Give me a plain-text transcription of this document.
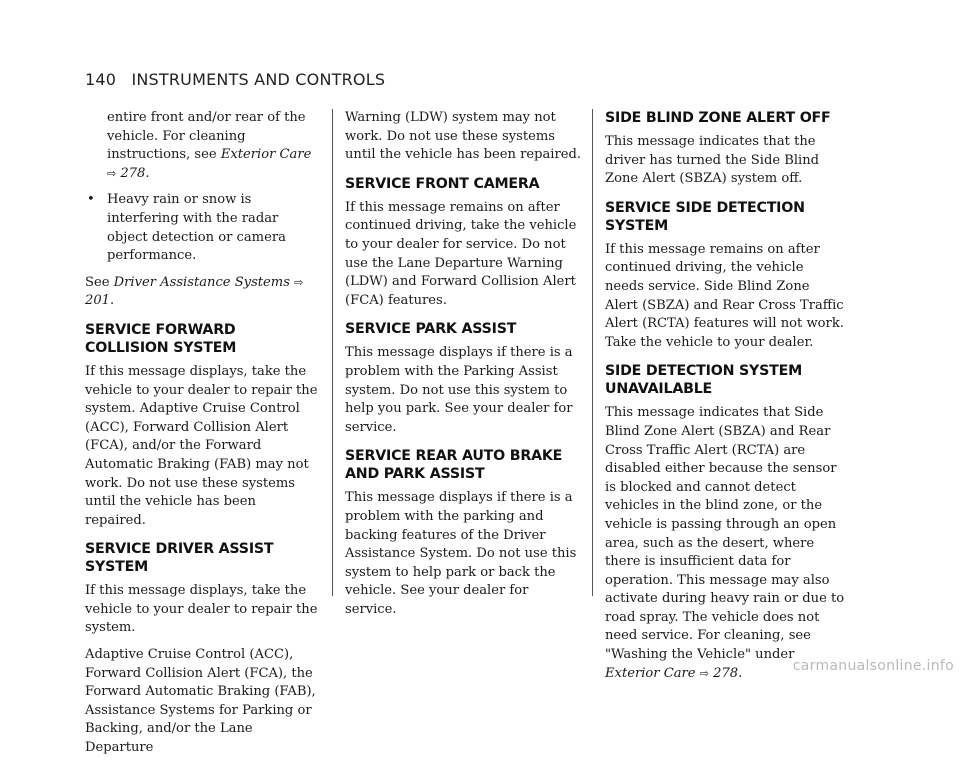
140 INSTRUMENTS AND CONTROLS

entire front and/or rear of the vehicle. For cleaning instructions, see Exterior Care ⇨ 278.

• Heavy rain or snow is interfering with the radar object detection or camera performance.

See Driver Assistance Systems ⇨ 201.

SERVICE FORWARD COLLISION SYSTEM

If this message displays, take the vehicle to your dealer to repair the system. Adaptive Cruise Control (ACC), Forward Collision Alert (FCA), and/or the Forward Automatic Braking (FAB) may not work. Do not use these systems until the vehicle has been repaired.

SERVICE DRIVER ASSIST SYSTEM

If this message displays, take the vehicle to your dealer to repair the system.

Adaptive Cruise Control (ACC), Forward Collision Alert (FCA), the Forward Automatic Braking (FAB), Assistance Systems for Parking or Backing, and/or the Lane Departure

Warning (LDW) system may not work. Do not use these systems until the vehicle has been repaired.

SERVICE FRONT CAMERA

If this message remains on after continued driving, take the vehicle to your dealer for service. Do not use the Lane Departure Warning (LDW) and Forward Collision Alert (FCA) features.

SERVICE PARK ASSIST

This message displays if there is a problem with the Parking Assist system. Do not use this system to help you park. See your dealer for service.

SERVICE REAR AUTO BRAKE AND PARK ASSIST

This message displays if there is a problem with the parking and backing features of the Driver Assistance System. Do not use this system to help park or back the vehicle. See your dealer for service.

SIDE BLIND ZONE ALERT OFF

This message indicates that the driver has turned the Side Blind Zone Alert (SBZA) system off.

SERVICE SIDE DETECTION SYSTEM

If this message remains on after continued driving, the vehicle needs service. Side Blind Zone Alert (SBZA) and Rear Cross Traffic Alert (RCTA) features will not work. Take the vehicle to your dealer.

SIDE DETECTION SYSTEM UNAVAILABLE

This message indicates that Side Blind Zone Alert (SBZA) and Rear Cross Traffic Alert (RCTA) are disabled either because the sensor is blocked and cannot detect vehicles in the blind zone, or the vehicle is passing through an open area, such as the desert, where there is insufficient data for operation. This message may also activate during heavy rain or due to road spray. The vehicle does not need service. For cleaning, see "Washing the Vehicle" under Exterior Care ⇨ 278.	carmanualsonline.info
